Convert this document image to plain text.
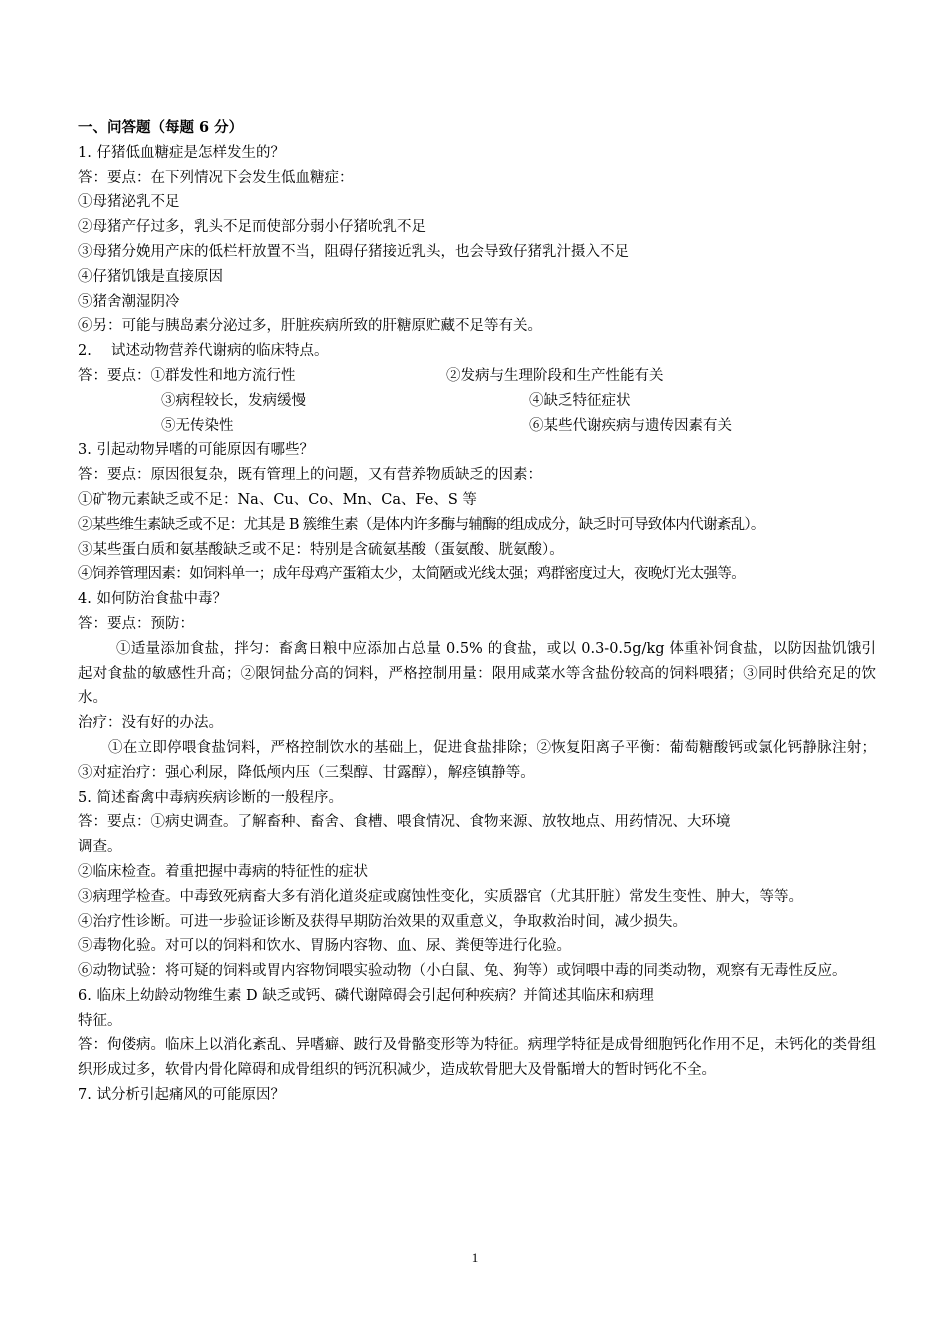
一、问答题（每题 6 分）
1. 仔猪低血糖症是怎样发生的？
答：要点：在下列情况下会发生低血糖症：
①母猪泌乳不足
②母猪产仔过多，乳头不足而使部分弱小仔猪吮乳不足
③母猪分娩用产床的低栏杆放置不当，阻碍仔猪接近乳头，也会导致仔猪乳汁摄入不足
④仔猪饥饿是直接原因
⑤猪舍潮湿阴冷
⑥另：可能与胰岛素分泌过多，肝脏疾病所致的肝糖原贮藏不足等有关。
2.　 试述动物营养代谢病的临床特点。
答：要点：①群发性和地方流行性	②发病与生理阶段和生产性能有关
③病程较长，发病缓慢	④缺乏特征症状
⑤无传染性	⑥某些代谢疾病与遗传因素有关
3. 引起动物异嗜的可能原因有哪些？
答：要点：原因很复杂，既有管理上的问题，又有营养物质缺乏的因素：
①矿物元素缺乏或不足：Na、Cu、Co、Mn、Ca、Fe、S 等
②某些维生素缺乏或不足：尤其是 B 簇维生素（是体内许多酶与辅酶的组成成分，缺乏时可导致体内代谢紊乱）。
③某些蛋白质和氨基酸缺乏或不足：特别是含硫氨基酸（蛋氨酸、胱氨酸）。
④饲养管理因素：如饲料单一；成年母鸡产蛋箱太少，太简陋或光线太强；鸡群密度过大，夜晚灯光太强等。
4. 如何防治食盐中毒？
答：要点：预防：
①适量添加食盐，拌匀：畜禽日粮中应添加占总量 0.5% 的食盐，或以 0.3-0.5g/kg 体重补饲食盐，以防因盐饥饿引起对食盐的敏感性升高；②限饲盐分高的饲料，严格控制用量：限用咸菜水等含盐份较高的饲料喂猪；③同时供给充足的饮水。
治疗：没有好的办法。
①在立即停喂食盐饲料，严格控制饮水的基础上，促进食盐排除；②恢复阳离子平衡：葡萄糖酸钙或氯化钙静脉注射；③对症治疗：强心利尿，降低颅内压（三梨醇、甘露醇），解痉镇静等。
5. 简述畜禽中毒病疾病诊断的一般程序。
答：要点：①病史调查。了解畜种、畜舍、食槽、喂食情况、食物来源、放牧地点、用药情况、大环境
调查。
②临床检查。着重把握中毒病的特征性的症状
③病理学检查。中毒致死病畜大多有消化道炎症或腐蚀性变化，实质器官（尤其肝脏）常发生变性、肿大，等等。
④治疗性诊断。可进一步验证诊断及获得早期防治效果的双重意义，争取救治时间，减少损失。
⑤毒物化验。对可以的饲料和饮水、胃肠内容物、血、尿、粪便等进行化验。
⑥动物试验：将可疑的饲料或胃内容物饲喂实验动物（小白鼠、兔、狗等）或饲喂中毒的同类动物，观察有无毒性反应。
6. 临床上幼龄动物维生素 D 缺乏或钙、磷代谢障碍会引起何种疾病？并简述其临床和病理
特征。
答：佝偻病。临床上以消化紊乱、异嗜癖、跛行及骨骼变形等为特征。病理学特征是成骨细胞钙化作用不足，未钙化的类骨组织形成过多，软骨内骨化障碍和成骨组织的钙沉积减少，造成软骨肥大及骨骺增大的暂时钙化不全。
7. 试分析引起痛风的可能原因？
1
